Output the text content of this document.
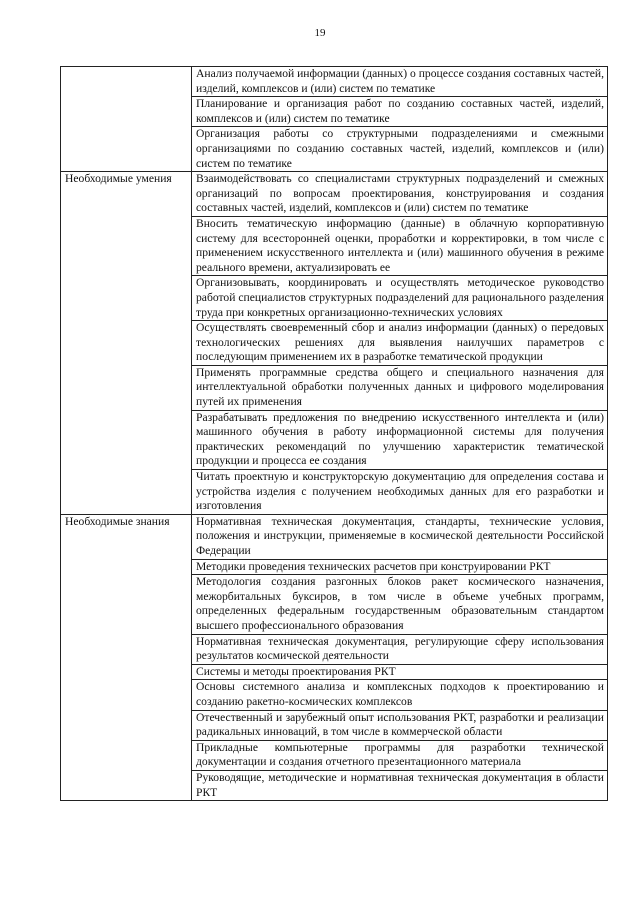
19
	Анализ получаемой информации (данных) о процессе создания составных частей, изделий, комплексов и (или) систем по тематике
	Планирование и организация работ по созданию составных частей, изделий, комплексов и (или) систем по тематике
	Организация работы со структурными подразделениями и смежными организациями по созданию составных частей, изделий, комплексов и (или) систем по тематике
Необходимые умения	Взаимодействовать со специалистами структурных подразделений и смежных организаций по вопросам проектирования, конструирования и создания составных частей, изделий, комплексов и (или) систем по тематике
	Вносить тематическую информацию (данные) в облачную корпоративную систему для всесторонней оценки, проработки и корректировки, в том числе с применением искусственного интеллекта и (или) машинного обучения в режиме реального времени, актуализировать ее
	Организовывать, координировать и осуществлять методическое руководство работой специалистов структурных подразделений для рационального разделения труда при конкретных организационно-технических условиях
	Осуществлять своевременный сбор и анализ информации (данных) о передовых технологических решениях для выявления наилучших параметров с последующим применением их в разработке тематической продукции
	Применять программные средства общего и специального назначения для интеллектуальной обработки полученных данных и цифрового моделирования путей их применения
	Разрабатывать предложения по внедрению искусственного интеллекта и (или) машинного обучения в работу информационной системы для получения практических рекомендаций по улучшению характеристик тематической продукции и процесса ее создания
	Читать проектную и конструкторскую документацию для определения состава и устройства изделия с получением необходимых данных для его разработки и изготовления
Необходимые знания	Нормативная техническая документация, стандарты, технические условия, положения и инструкции, применяемые в космической деятельности Российской Федерации
	Методики проведения технических расчетов при конструировании РКТ
	Методология создания разгонных блоков ракет космического назначения, межорбитальных буксиров, в том числе в объеме учебных программ, определенных федеральным государственным образовательным стандартом высшего профессионального образования
	Нормативная техническая документация, регулирующие сферу использования результатов космической деятельности
	Системы и методы проектирования РКТ
	Основы системного анализа и комплексных подходов к проектированию и созданию ракетно-космических комплексов
	Отечественный и зарубежный опыт использования РКТ, разработки и реализации радикальных инноваций, в том числе в коммерческой области
	Прикладные компьютерные программы для разработки технической документации и создания отчетного презентационного материала
	Руководящие, методические и нормативная техническая документация в области РКТ
